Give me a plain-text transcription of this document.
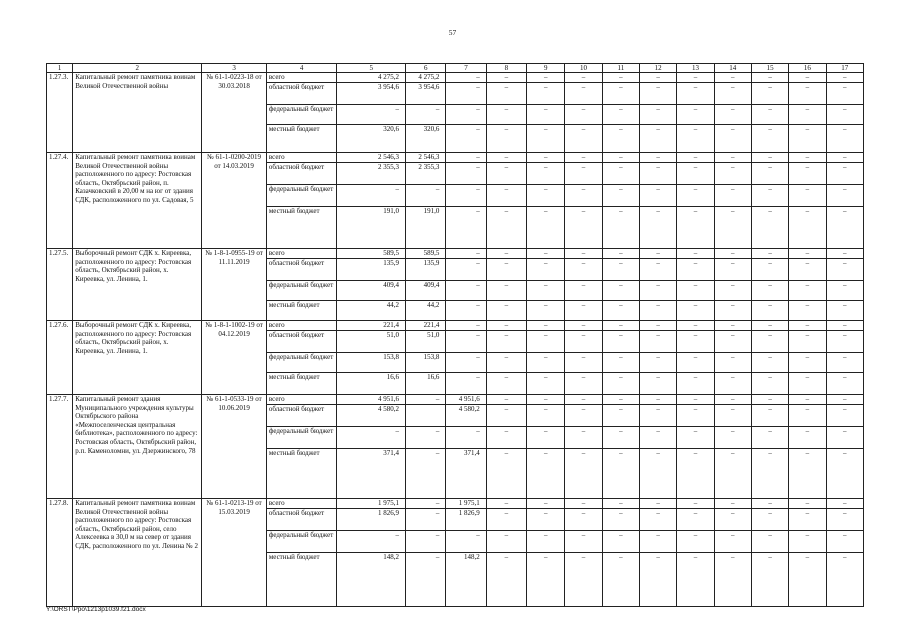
57
1	2	3	4	5	6	7	8	9	10	11	12	13	14	15	16	17
1.27.3.	Капитальный ремонт памятника воинам Великой Отечественной войны	№ 61-1-0223-18 от 30.03.2018	всего	4 275,2	4 275,2	–	–	–	–	–	–	–	–	–	–	–
			областной бюджет	3 954,6	3 954,6	–	–	–	–	–	–	–	–	–	–	–
			федеральный бюджет	–	–	–	–	–	–	–	–	–	–	–	–	–
			местный бюджет	320,6	320,6	–	–	–	–	–	–	–	–	–	–	–
1.27.4.	Капитальный ремонт памятника воинам Великой Отечественной войны расположенного по адресу: Ростовская область, Октябрьский район, п. Казачковский в 20,00 м на юг от здания СДК, расположенного по ул. Садовая, 5	№ 61-1-0200-2019 от 14.03.2019	всего	2 546,3	2 546,3	–	–	–	–	–	–	–	–	–	–	–
			областной бюджет	2 355,3	2 355,3	–	–	–	–	–	–	–	–	–	–	–
			федеральный бюджет	–	–	–	–	–	–	–	–	–	–	–	–	–
			местный бюджет	191,0	191,0	–	–	–	–	–	–	–	–	–	–	–
1.27.5.	Выборочный ремонт СДК х. Киреевка, расположенного по адресу: Ростовская область, Октябрьский район, х. Киреевка, ул. Ленина, 1.	№ 1-8-1-0955-19 от 11.11.2019	всего	589,5	589,5	–	–	–	–	–	–	–	–	–	–	–
			областной бюджет	135,9	135,9	–	–	–	–	–	–	–	–	–	–	–
			федеральный бюджет	409,4	409,4	–	–	–	–	–	–	–	–	–	–	–
			местный бюджет	44,2	44,2	–	–	–	–	–	–	–	–	–	–	–
1.27.6.	Выборочный ремонт СДК х. Киреевка, расположенного по адресу: Ростовская область, Октябрьский район, х. Киреевка, ул. Ленина, 1.	№ 1-8-1-1002-19 от 04.12.2019	всего	221,4	221,4	–	–	–	–	–	–	–	–	–	–	–
			областной бюджет	51,0	51,0	–	–	–	–	–	–	–	–	–	–	–
			федеральный бюджет	153,8	153,8	–	–	–	–	–	–	–	–	–	–	–
			местный бюджет	16,6	16,6	–	–	–	–	–	–	–	–	–	–	–
1.27.7.	Капитальный ремонт здания Муниципального учреждения культуры Октябрьского района «Межпоселенческая центральная библиотека», расположенного по адресу: Ростовская область, Октябрьский район, р.п. Каменоломни, ул. Дзержинского, 78	№ 61-1-0533-19 от 10.06.2019	всего	4 951,6	–	4 951,6	–	–	–	–	–	–	–	–	–	–
			областной бюджет	4 580,2		4 580,2	–	–	–	–	–	–	–	–	–	–
			федеральный бюджет	–	–	–	–	–	–	–	–	–	–	–	–	–
			местный бюджет	371,4	–	371,4	–	–	–	–	–	–	–	–	–	–
1.27.8.	Капитальный ремонт памятника воинам Великой Отечественной войны расположенного по адресу: Ростовская область, Октябрьский район, село Алексеевка в 30,0 м на север от здания СДК, расположенного по ул. Ленина № 2	№ 61-1-0213-19 от 15.03.2019	всего	1 975,1	–	1 975,1	–	–	–	–	–	–	–	–	–	–
			областной бюджет	1 826,9	–	1 826,9	–	–	–	–	–	–	–	–	–	–
			федеральный бюджет	–	–	–	–	–	–	–	–	–	–	–	–	–
			местный бюджет	148,2	–	148,2	–	–	–	–	–	–	–	–	–	–
Y:\ORST\Ppo\1213p1039.f21.docx
